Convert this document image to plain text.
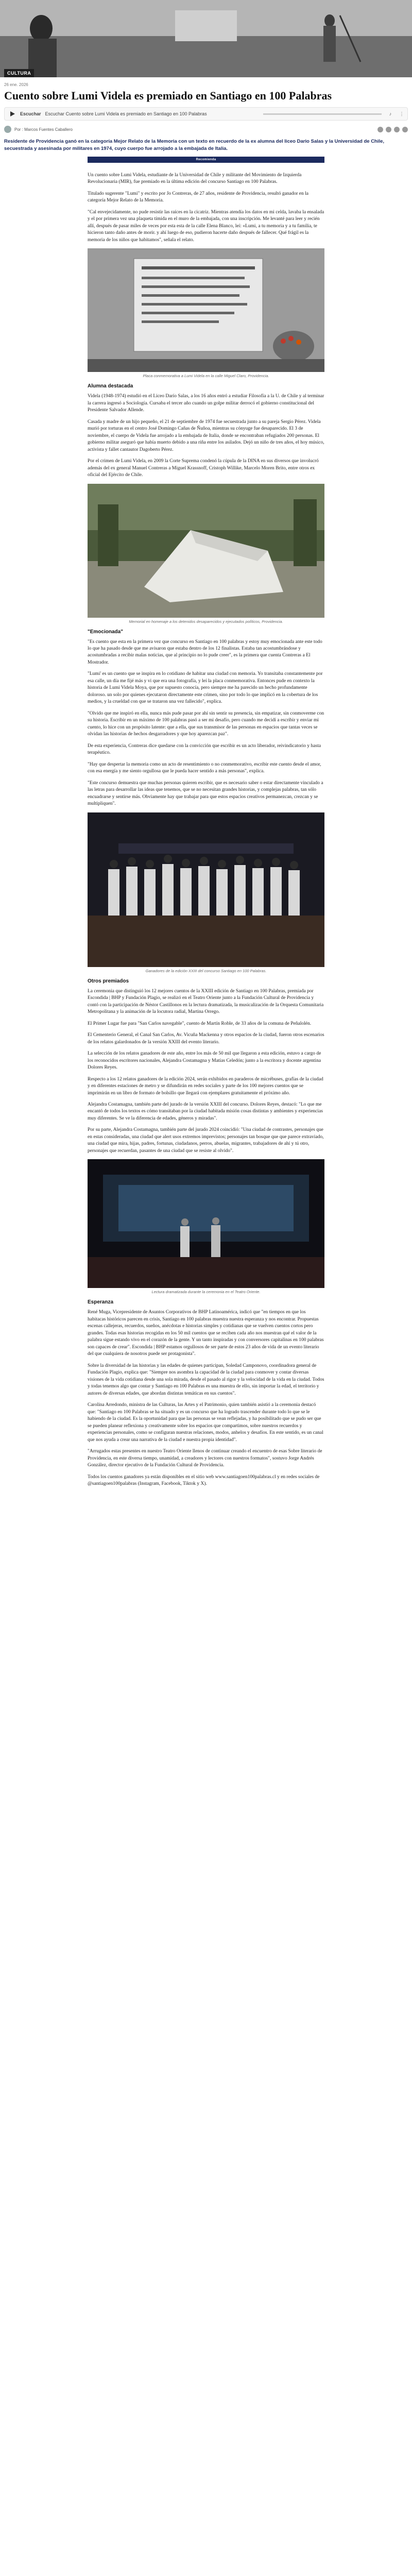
CULTURA
26 ene. 2026
Cuento sobre Lumi Videla es premiado en Santiago en 100 Palabras
Escuchar Escuchar Cuento sobre Lumi Videla es premiado en Santiago en 100 Palabras	♪	⋮
Por : Marcos Fuentes Caballero

Residente de Providencia ganó en la categoría Mejor Relato de la Memoria con un texto en recuerdo de la ex alumna del liceo Dario Salas y la Universidad de Chile, secuestrada y asesinada por militares en 1974, cuyo cuerpo fue arrojado a la embajada de Italia.

Recomienda

Un cuento sobre Lumi Videla, estudiante de la Universidad de Chile y militante del Movimiento de Izquierda Revolucionaria (MIR), fue premiado en la última edición del concurso Santiago en 100 Palabras.

Titulado sugerente "Lumi" y escrito por Jo Contreras, de 27 años, residente de Providencia, resultó ganador en la categoría Mejor Relato de la Memoria.

"Cal envejecidamente, no pude resistir las raíces en la cicatriz. Mientras atendía los datos en mi celda, lavaba la ensalada y el por primera vez una plaqueta tímida en el muro de la embajada, con una inscripción. Me levanté para leer y recién allí, después de pasar miles de veces por esta esta de la calle Elena Blanco, leí: «Lumi, a tu memoria y a tu familia, te hicieron tanto daño antes de morir. y ahí luego de eso, pudieron hacerte daño después de fallecer. Qué frágil es la memoria de los niños que habitamos", señala el relato.

Placa conmemorativa a Lumi Videla en la calle Miguel Claro, Providencia.
Alumna destacada

Videla (1948-1974) estudió en el Liceo Darío Salas, a los 16 años entró a estudiar Filosofía a la U. de Chile y al terminar la carrera ingresó a Sociología. Cursaba el tercer año cuando un golpe militar derrocó el gobierno constitucional del Presidente Salvador Allende.

Casada y madre de un hijo pequeño, el 21 de septiembre de 1974 fue secuestrada junto a su pareja Sergio Pérez. Videla murió por torturas en el centro José Domingo Cañas de Ñuñoa, mientras su cónyuge fue desaparecido. El 3 de noviembre, el cuerpo de Videla fue arrojado a la embajada de Italia, donde se encontraban refugiados 200 personas. El gobierno militar aseguró que había muerto debido a una riña entre los asilados. Dejó un niño de tres años, el hoy músico, activista y fallet cantautor Dagoberto Pérez.

Por el crimen de Lumi Videla, en 2009 la Corte Suprema condenó la cúpula de la DINA en sus diversos que involucró además del ex general Manuel Contreras a Miguel Krassnoff, Cristoph Willike, Marcelo Moren Brito, entre otros ex oficial del Ejército de Chile.

Memorial en homenaje a los detenidos desaparecidos y ejecutados políticos, Providencia.
"Emocionada"

"Es cuento que esta en la primera vez que concurso en Santiago en 100 palabras y estoy muy emocionada ante este todo lo que ha pasado desde que me avisaron que estaba dentro de los 12 finalistas. Estaba tan acostumbrándose y acostumbradas a recibir malas noticias, que al principio no lo pude creer", es la primera que cuenta Contreras a El Mostrador.

"Lumi' es un cuento que se inspira en lo cotidiano de habitar una ciudad con memoria. Yo transitaba constantemente por esa calle, un día me fijé más y vi que era una fotografía, y leí la placa conmemorativa. Entonces pude en contexto la historia de Lumi Videla Moya, que por supuesto conocía, pero siempre me ha parecido un hecho profundamente doloroso. un solo por quienes ejecutaron directamente este crimen, sino por todo lo que implicó en la cobertura de los medios, y la crueldad con que se trataron una vez fallecido", explica.

"Olvido que me inspiró en ella, nunca más pude pasar por ahí sin sentir su presencia, sin empatizar, sin conmoverme con su historia. Escribir en un máximo de 100 palabras pasó a ser mi desafío, pero cuando me decidí a escribir y enviar mi cuento, lo hice con un propósito latente: que a ella, que sus transmisor de las personas en espacios que tantas veces se olvidan las historias de hechos desgarradores y que hoy aparezcan paz".

De esta experiencia, Contreras dice quedarse con la convicción que escribir es un acto liberador, reivindicatorio y hasta terapéutico.

"Hay que despertar la memoria como un acto de resentimiento o no conmemorativo, escribir este cuento desde el amor, con esa energía y me siento orgullosa que le pueda hacer sentido a más personas", explica.

"Este concurso demuestra que muchas personas quieren escribir, que es necesario saber o estar directamente vinculado a las letras para desarrollar las ideas que tenemos, que se no necesitan grandes historias, y complejas palabras, tan sólo encuadrarse y sentirse más. Obviamente hay que trabajar para que estos espacios creativos permanezcan, crezcan y se multipliquen".

Ganadores de la edición XXIII del concurso Santiago en 100 Palabras.
Otros premiados

La ceremonia que distinguió los 12 mejores cuentos de la XXIII edición de Santiago en 100 Palabras, premiada por Escondida | BHP y Fundación Plagio, se realizó en el Teatro Oriente junto a la Fundación Cultural de Providencia y contó con la participación de Néstor Castillonos en la lectura dramatizada, la musicalización de la Orquesta Comunitaria Metropolitana y la animación de la locutora radial, Martina Orrego.

El Primer Lugar fue para "San Carlos navegable", cuento de Martín Roble, de 33 años de la comuna de Peñalolén.

El Cementerio General, el Canal San Carlos, Av. Vicuña Mackenna y otros espacios de la ciudad, fueron otros escenarios de los relatos galardonados de la versión XXIII del evento literario.

La selección de los relatos ganadores de este año, entre los más de 50 mil que llegaron a esta edición, estuvo a cargo de los reconocidos escritores nacionales, Alejandra Costamagna y Matías Celedón; junto a la escritora y docente argentina Dolores Reyes.

Respecto a los 12 relatos ganadores de la edición 2024, serán exhibidos en paraderos de micrébuses, grafías de la ciudad y en diferentes estaciones de metro y se difundirán en redes sociales y parte de los 100 mejores cuentos que se imprimirán en un libro de formato de bolsillo que llegará con ejemplares gratuitamente el próximo año.

Alejandra Costamagna, también parte del jurado de la versión XXIII del concurso. Dolores Reyes, destacó: "Lo que me encantó de todos los textos es cómo transitaban por la ciudad habitada misión cosas distintas y ambientes y experiencias muy diferentes. Se ve la diferencia de edades, géneros y miradas".

Por su parte, Alejandra Costamagna, también parte del jurado 2024 coincidió: "Una ciudad de contrastes, personajes que en estas consideradas, una ciudad que alert usos extremos imprevistos; personajes tan bosque que que parece extraviado, una ciudad que mira, hijas, padres, fortunas, ciudadanos, perros, abuelas, migrantes, trabajadores de ahí y tú otro, personajes que recuerdan, pasantes de una ciudad que se resiste al olvido".

Lectura dramatizada durante la ceremonia en el Teatro Oriente.
Esperanza

René Muga, Vicepresidente de Asuntos Corporativos de BHP Latinoamérica, indicó que "en tiempos en que los habitacas históricos parecen en crisis, Santiago en 100 palabras muestra nuestra esperanza y nos encontrar. Propuestas escenas callejeras, recuerdos, sueños, anécdotas e historias simples y cotidianas que se vuelven cuentos cortos pero grandes. Todas esas historias recogidas en los 50 mil cuentos que se reciben cada año nos muestran qué el valor de la palabra sigue estando vivo en el corazón de la gente. Y un tanto inspiradas y con conversores capitalinas en 100 palabras son capaces de crear". Escondida | BHP estamos orgullosos de ser parte de estos 23 años de vida de un evento literario del que cualquiera de nosotros puede ser protagonista".

Sobre la diversidad de las historias y las edades de quienes participan, Soledad Camponovo, coordinadora general de Fundación Plagio, explica que: "Siempre nos asombra la capacidad de la ciudad para conmover y contar diversas visiones de la vida cotidiana desde una sola mirada, desde el pasado al rigor y la velocidad de la vida en la ciudad. Todos y todas tenemos algo que contar y Santiago en 100 Palabras es una muestra de ello, sin importar la edad, el territorio y autores de diversas edades, que abordan distintas temáticas en sus cuentos".

Carolina Arredondo, ministra de las Culturas, las Artes y el Patrimonio, quien también asistió a la ceremonia destacó que: "Santiago en 100 Palabras se ha situado y es un concurso que ha logrado trascender durante todo lo que se le habiendo de la ciudad. Es la oportunidad para que las personas se vean reflejadas, y ha posibilitado que se pudo ser que se pueden planear reflexiona y creativamente sobre los espacios que compartimos, sobre nuestros recuerdos y experiencias personales, como se configuran nuestras relaciones, modos, anhelos y desafíos. En este sentido, es un canal que nos ayuda a crear una narrativa de la ciudad e nuestra propia identidad".

"Arrugados estas presentes en nuestro Teatro Oriente llenos de continuar creando el encuentro de esas Sobre literario de Providencia, en este diversa tiempo, unamidad, a creadores y lectores con nuestros formatos", sostuvo Jorge Andrés González, director ejecutivo de la Fundación Cultural de Providencia.

Todos los cuentos ganadores ya están disponibles en el sitio web www.santiagoen100palabras.cl y en redes sociales de @santiagoen100palabras (Instagram, Facebook, Tiktok y X).
